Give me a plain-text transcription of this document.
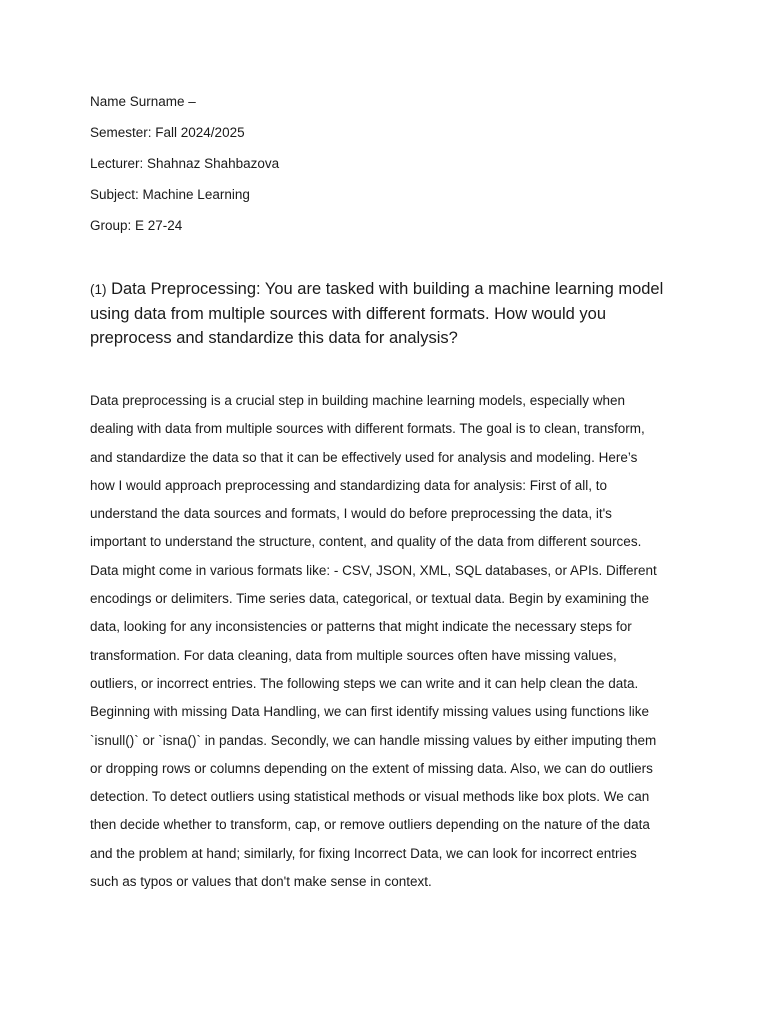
Name Surname –
Semester: Fall 2024/2025
Lecturer: Shahnaz Shahbazova
Subject: Machine Learning
Group: E 27-24
(1) Data Preprocessing: You are tasked with building a machine learning model
using data from multiple sources with different formats. How would you
preprocess and standardize this data for analysis?
Data preprocessing is a crucial step in building machine learning models, especially when
dealing with data from multiple sources with different formats. The goal is to clean, transform,
and standardize the data so that it can be effectively used for analysis and modeling. Here’s
how I would approach preprocessing and standardizing data for analysis: First of all, to
understand the data sources and formats, I would do before preprocessing the data, it's
important to understand the structure, content, and quality of the data from different sources.
Data might come in various formats like: - CSV, JSON, XML, SQL databases, or APIs. Different
encodings or delimiters. Time series data, categorical, or textual data. Begin by examining the
data, looking for any inconsistencies or patterns that might indicate the necessary steps for
transformation. For data cleaning, data from multiple sources often have missing values,
outliers, or incorrect entries. The following steps we can write and it can help clean the data.
Beginning with missing Data Handling, we can first identify missing values using functions like
`isnull()` or `isna()` in pandas. Secondly, we can handle missing values by either imputing them
or dropping rows or columns depending on the extent of missing data. Also, we can do outliers
detection. To detect outliers using statistical methods or visual methods like box plots. We can
then decide whether to transform, cap, or remove outliers depending on the nature of the data
and the problem at hand; similarly, for fixing Incorrect Data, we can look for incorrect entries
such as typos or values that don't make sense in context.
